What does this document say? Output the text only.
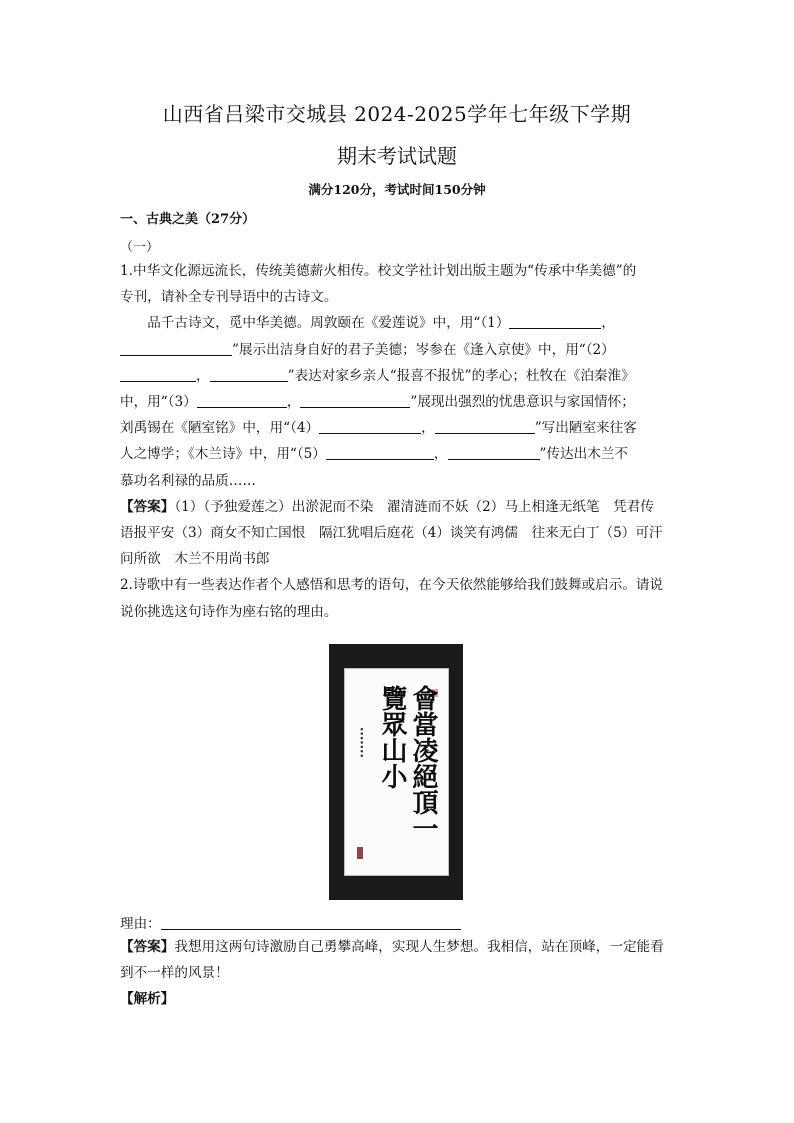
山西省吕梁市交城县 2024-2025学年七年级下学期
期末考试试题
满分120分，考试时间150分钟
一、古典之美（27分）
（一）
1.中华文化源远流长，传统美德薪火相传。校文学社计划出版主题为“传承中华美德”的
专刊，请补全专刊导语中的古诗文。
品千古诗文，觅中华美德。周敦颐在《爱莲说》中，用“（1）	，
”展示出洁身自好的君子美德；岑参在《逢入京使》中，用“（2）
，	”表达对家乡亲人“报喜不报忧”的孝心；杜牧在《泊秦淮》
中，用“（3）	，	”展现出强烈的忧患意识与家国情怀；
刘禹锡在《陋室铭》中，用“（4）	，	”写出陋室来往客
人之博学；《木兰诗》中，用“（5）	，	”传达出木兰不
慕功名利禄的品质……
【答案】（1）（予独爱莲之）出淤泥而不染　濯清涟而不妖（2）马上相逢无纸笔　凭君传
语报平安（3）商女不知亡国恨　隔江犹唱后庭花（4）谈笑有鸿儒　往来无白丁（5）可汗
问所欲　木兰不用尚书郎
2.诗歌中有一些表达作者个人感悟和思考的语句，在今天依然能够给我们鼓舞或启示。请说
说你挑选这句诗作为座右铭的理由。
會當凌絕頂一覽眾山小
∙∙∙∙∙∙∙
理由：
【答案】我想用这两句诗激励自己勇攀高峰，实现人生梦想。我相信，站在顶峰，一定能看
到不一样的风景！
【解析】
